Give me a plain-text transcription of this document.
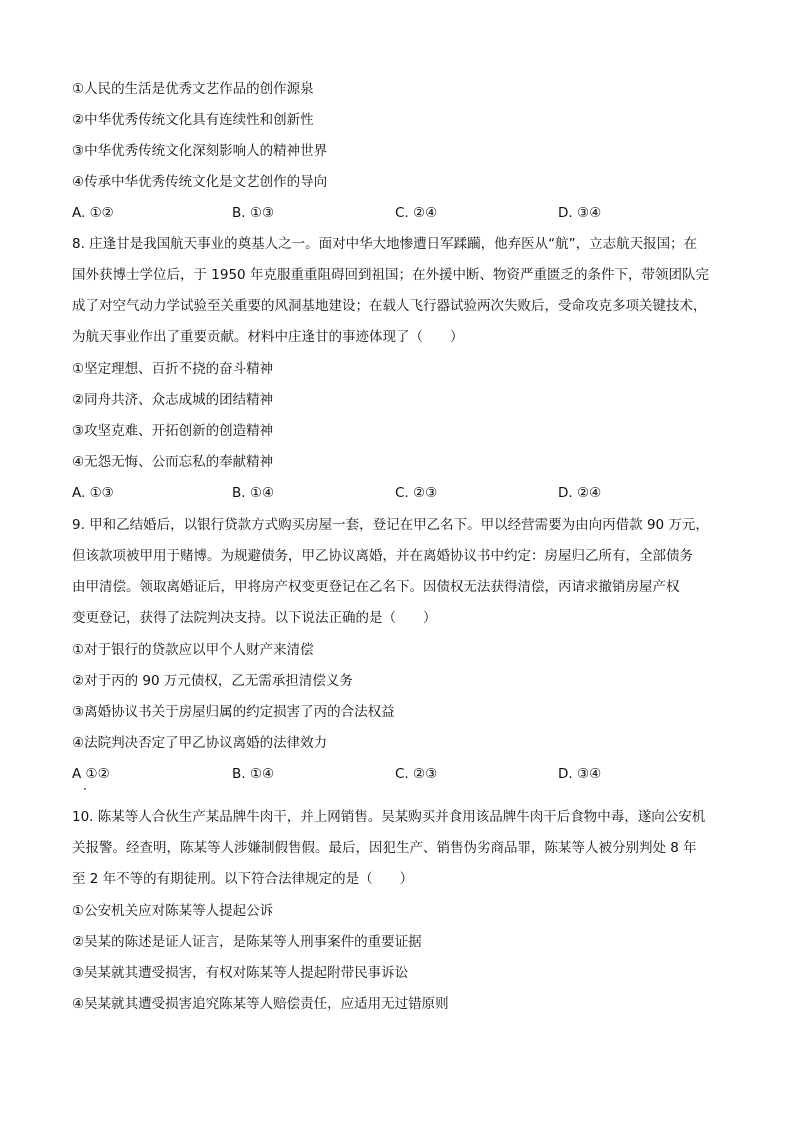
①人民的生活是优秀文艺作品的创作源泉
②中华优秀传统文化具有连续性和创新性
③中华优秀传统文化深刻影响人的精神世界
④传承中华优秀传统文化是文艺创作的导向
A. ①②	B. ①③	C. ②④	D. ③④
8. 庄逢甘是我国航天事业的奠基人之一。面对中华大地惨遭日军蹂躏，他弃医从“航”，立志航天报国；在
国外获博士学位后，于 1950 年克服重重阻碍回到祖国；在外援中断、物资严重匮乏的条件下，带领团队完
成了对空气动力学试验至关重要的风洞基地建设；在载人飞行器试验两次失败后，受命攻克多项关键技术，
为航天事业作出了重要贡献。材料中庄逢甘的事迹体现了（　　）
①坚定理想、百折不挠的奋斗精神
②同舟共济、众志成城的团结精神
③攻坚克难、开拓创新的创造精神
④无怨无悔、公而忘私的奉献精神
A. ①③	B. ①④	C. ②③	D. ②④
9. 甲和乙结婚后，以银行贷款方式购买房屋一套，登记在甲乙名下。甲以经营需要为由向丙借款 90 万元，
但该款项被甲用于赌博。为规避债务，甲乙协议离婚，并在离婚协议书中约定：房屋归乙所有，全部债务
由甲清偿。领取离婚证后，甲将房产权变更登记在乙名下。因债权无法获得清偿，丙请求撤销房屋产权
变更登记，获得了法院判决支持。以下说法正确的是（　　）
①对于银行的贷款应以甲个人财产来清偿
②对于丙的 90 万元债权，乙无需承担清偿义务
③离婚协议书关于房屋归属的约定损害了丙的合法权益
④法院判决否定了甲乙协议离婚的法律效力
A ①②	B. ①④	C. ②③	D. ③④
10. 陈某等人合伙生产某品牌牛肉干，并上网销售。吴某购买并食用该品牌牛肉干后食物中毒，遂向公安机
关报警。经查明，陈某等人涉嫌制假售假。最后，因犯生产、销售伪劣商品罪，陈某等人被分别判处 8 年
至 2 年不等的有期徒刑。以下符合法律规定的是（　　）
①公安机关应对陈某等人提起公诉
②吴某的陈述是证人证言，是陈某等人刑事案件的重要证据
③吴某就其遭受损害，有权对陈某等人提起附带民事诉讼
④吴某就其遭受损害追究陈某等人赔偿责任，应适用无过错原则
